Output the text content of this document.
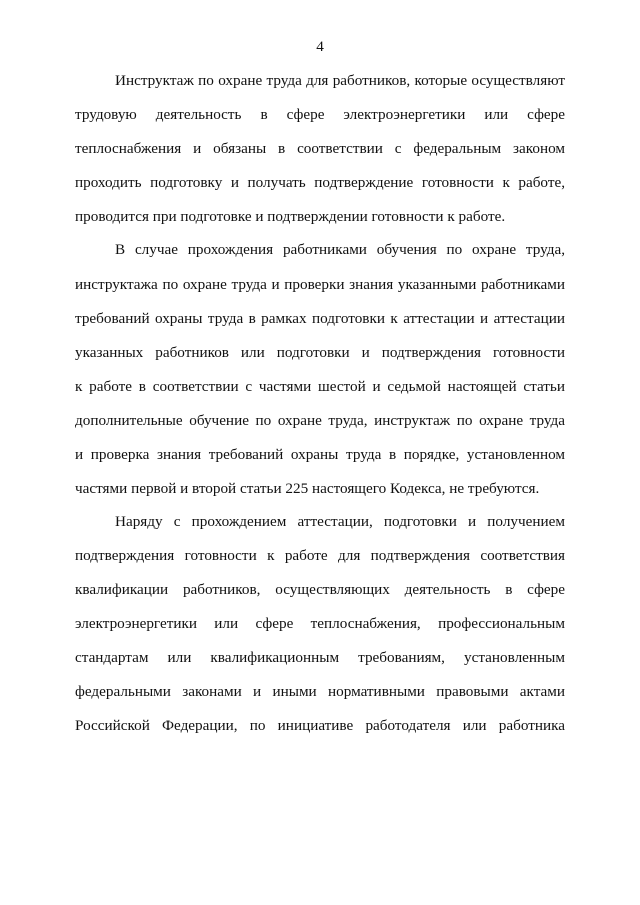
4
Инструктаж по охране труда для работников, которые осуществляют
трудовую деятельность в сфере электроэнергетики или сфере
теплоснабжения и обязаны в соответствии с федеральным законом
проходить подготовку и получать подтверждение готовности к работе,
проводится при подготовке и подтверждении готовности к работе.
В случае прохождения работниками обучения по охране труда,
инструктажа по охране труда и проверки знания указанными работниками
требований охраны труда в рамках подготовки к аттестации и аттестации
указанных работников или подготовки и подтверждения готовности
к работе в соответствии с частями шестой и седьмой настоящей статьи
дополнительные обучение по охране труда, инструктаж по охране труда
и проверка знания требований охраны труда в порядке, установленном
частями первой и второй статьи 225 настоящего Кодекса, не требуются.
Наряду с прохождением аттестации, подготовки и получением
подтверждения готовности к работе для подтверждения соответствия
квалификации работников, осуществляющих деятельность в сфере
электроэнергетики или сфере теплоснабжения, профессиональным
стандартам или квалификационным требованиям, установленным
федеральными законами и иными нормативными правовыми актами
Российской Федерации, по инициативе работодателя или работника
